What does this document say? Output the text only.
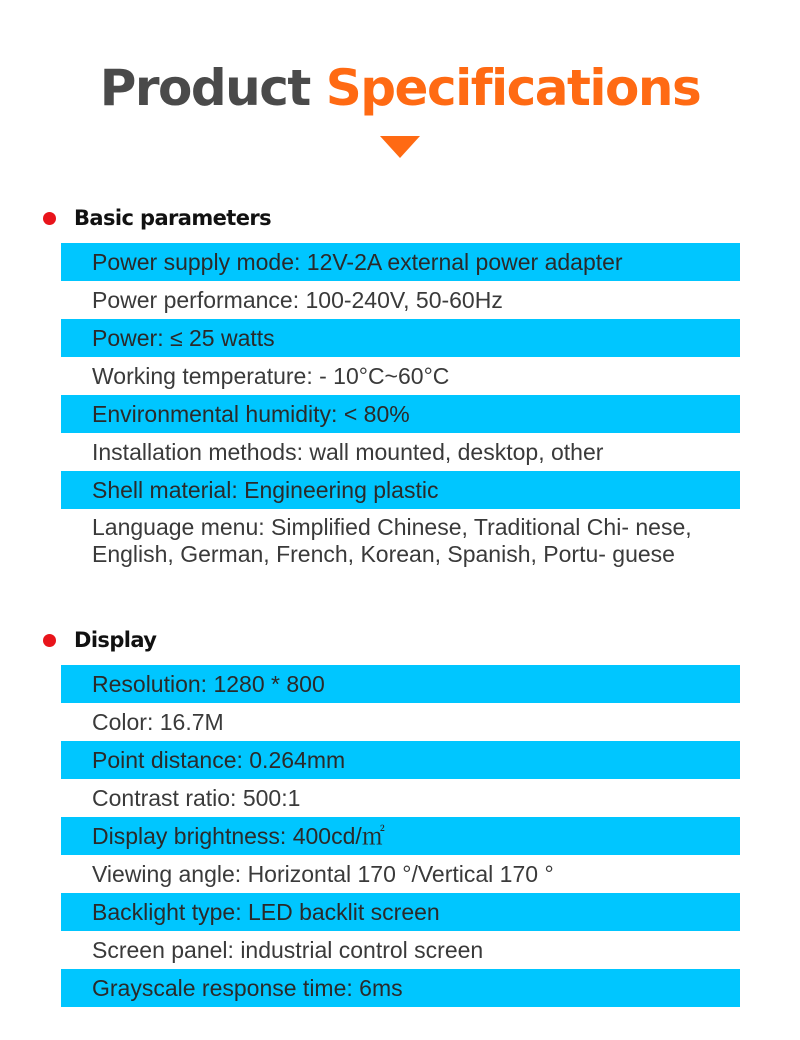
Product Specifications
Basic parameters
Power supply mode: 12V-2A external power adapter
Power performance: 100-240V, 50-60Hz
Power: ≤ 25 watts
Working temperature: - 10°C~60°C
Environmental humidity: < 80%
Installation methods: wall mounted, desktop, other
Shell material: Engineering plastic
Language menu: Simplified Chinese, Traditional Chi- nese, English, German, French, Korean, Spanish, Portu- guese
Display
Resolution: 1280 * 800
Color: 16.7M
Point distance: 0.264mm
Contrast ratio: 500:1
Display brightness: 400cd/㎡
Viewing angle: Horizontal 170 °/Vertical 170 °
Backlight type: LED backlit screen
Screen panel: industrial control screen
Grayscale response time: 6ms
